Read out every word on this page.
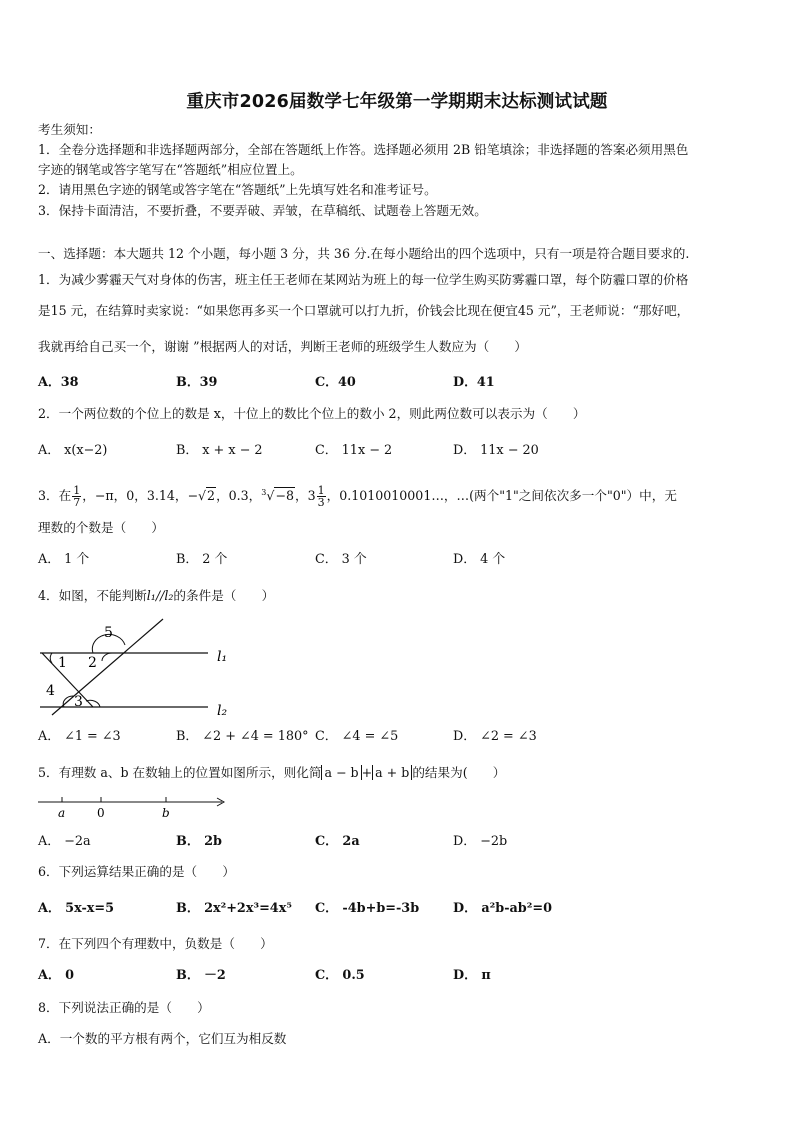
重庆市2026届数学七年级第一学期期末达标测试试题
考生须知：
1．全卷分选择题和非选择题两部分，全部在答题纸上作答。选择题必须用 2B 铅笔填涂；非选择题的答案必须用黑色
字迹的钢笔或答字笔写在“答题纸”相应位置上。
2．请用黑色字迹的钢笔或答字笔在“答题纸”上先填写姓名和准考证号。
3．保持卡面清洁，不要折叠，不要弄破、弄皱，在草稿纸、试题卷上答题无效。
一、选择题：本大题共 12 个小题，每小题 3 分，共 36 分.在每小题给出的四个选项中，只有一项是符合题目要求的.
1．为减少雾霾天气对身体的伤害，班主任王老师在某网站为班上的每一位学生购买防雾霾口罩，每个防霾口罩的价格
是15 元，在结算时卖家说：“如果您再多买一个口罩就可以打九折，价钱会比现在便宜45 元”，王老师说：“那好吧，
我就再给自己买一个，谢谢 ”根据两人的对话，判断王老师的班级学生人数应为（　　）
A．38	B．39	C．40	D．41
2．一个两位数的个位上的数是 x，十位上的数比个位上的数小 2，则此两位数可以表示为（　　）
A． x(x−2)	B． x + x − 2	C． 11x − 2	D． 11x − 20
3．在 $\frac{1}{7}$ ，−π，0，3.14，−√2，0.3，$^3$√−8，$3 \frac{1}{3}$ ，0.1010010001…，…(两个"1"之间依次多一个"0"）中，无
理数的个数是（　　）
A． 1 个	B． 2 个	C． 3 个	D． 4 个
4．如图，不能判断l₁//l₂的条件是（　　）
5
1 2
4
3
l₁
l₂
A． ∠1 = ∠3	B． ∠2 + ∠4 = 180° C． ∠4 = ∠5	D． ∠2 = ∠3
5．有理数 a、b 在数轴上的位置如图所示，则化简 a − b + a + b 的结果为(　　）
a	0	b
A． −2a	B． 2b	C． 2a	D． −2b
6．下列运算结果正确的是（　　）
A． 5x-x=5	B． 2x²+2x³=4x⁵ C． -4b+b=-3b	D． a²b-ab²=0
7．在下列四个有理数中，负数是（　　）
A． 0	B． －2	C． 0.5	D． π
8．下列说法正确的是（　　）
A．一个数的平方根有两个，它们互为相反数
